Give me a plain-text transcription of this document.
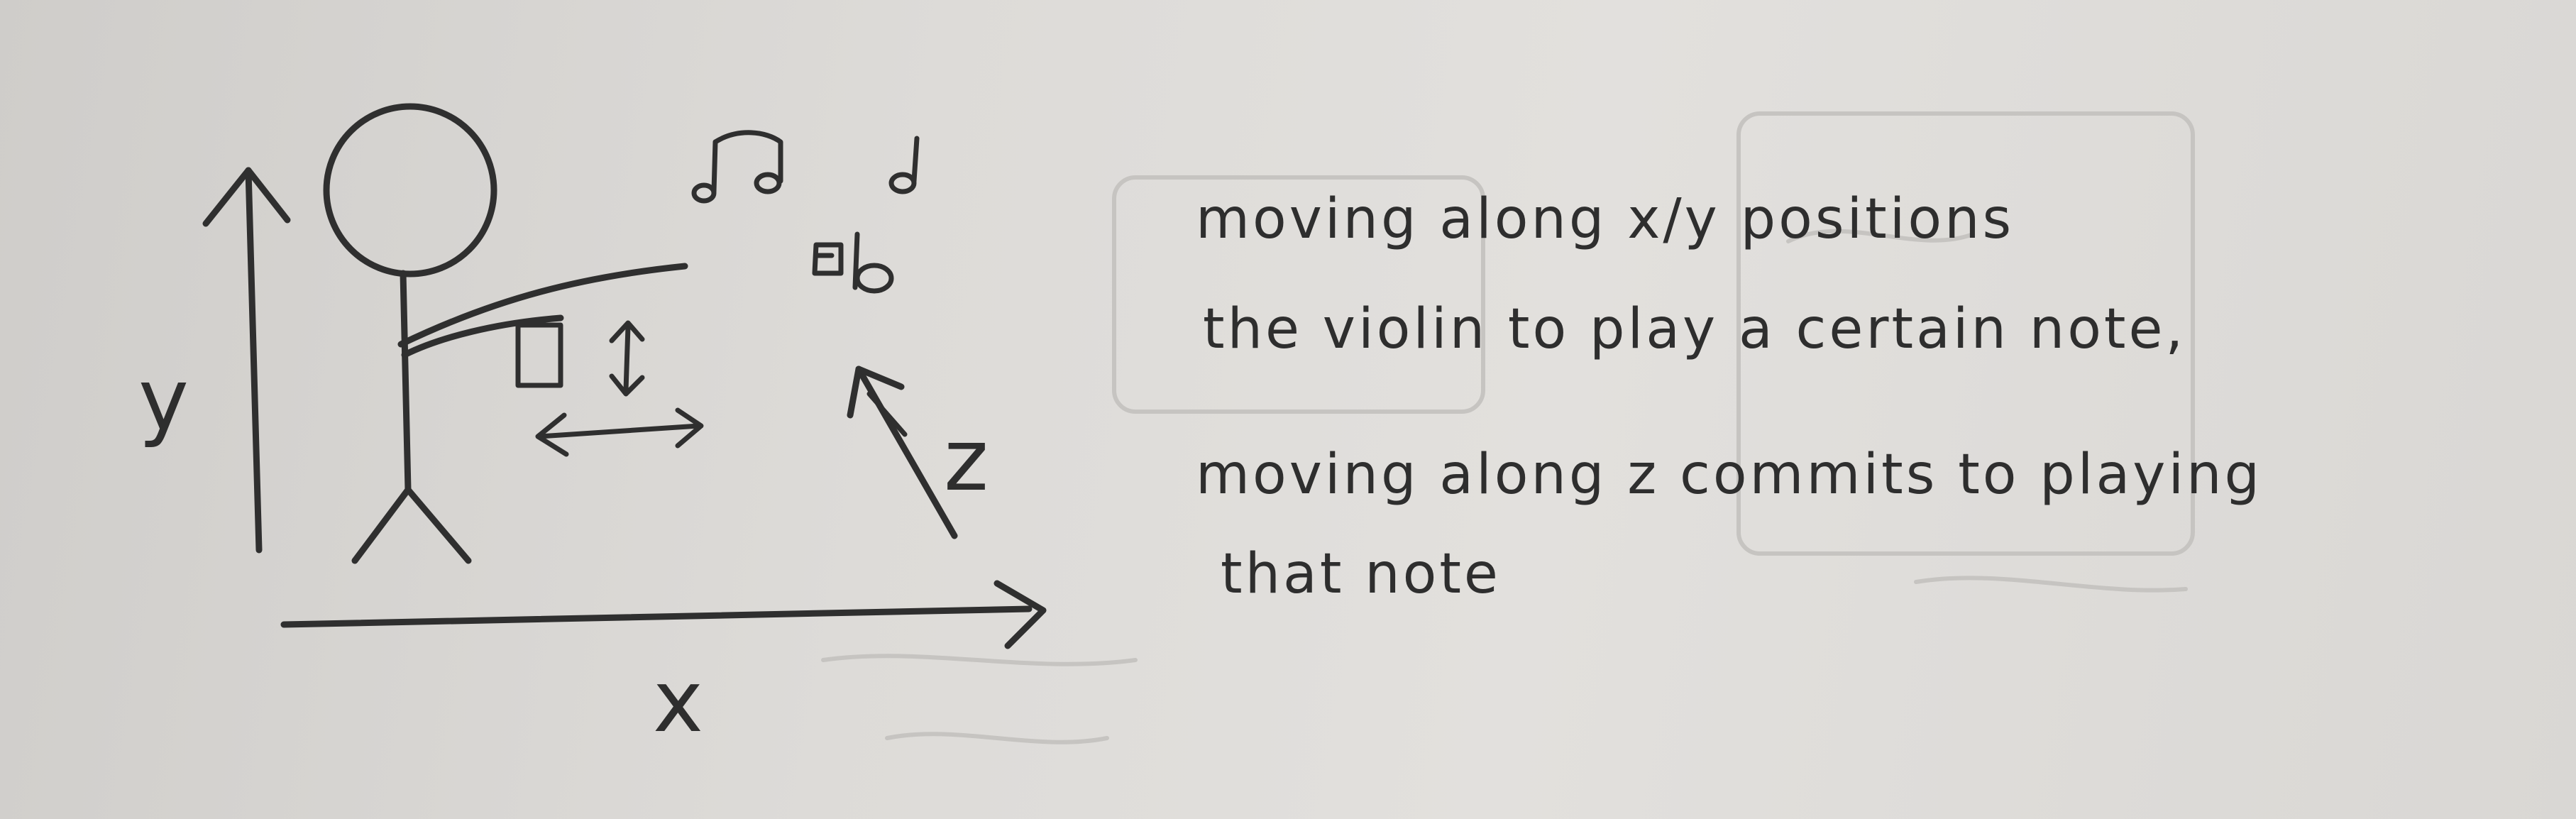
y
x
z
moving along x/y positions
the violin to play a certain note,
moving along z commits to playing
that note
